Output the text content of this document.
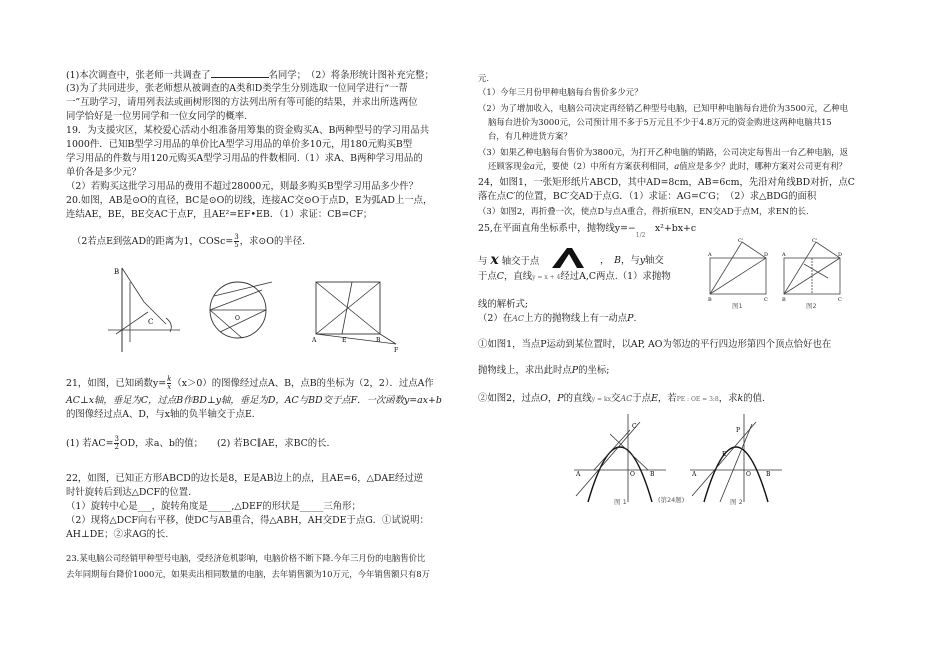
(1)本次调查中，张老师一共调查了	名同学；　（2）将条形统计图补充完整；
(3)为了共同进步，张老师想从被调查的A类和D类学生分别选取一位同学进行“一帮
一”互助学习，请用列表法或画树形图的方法列出所有等可能的结果，并求出所选两位
同学恰好是一位男同学和一位女同学的概率.
19．为支援灾区，某校爱心活动小组准备用筹集的资金购买A、B两种型号的学习用品共
1000件．已知B型学习用品的单价比A型学习用品的单价多10元，用180元购买B型
学习用品的件数与用120元购买A型学习用品的件数相同.（1）求A、B两种学习用品的
单价各是多少元？
（2）若购买这批学习用品的费用不超过28000元，则最多购买B型学习用品多少件？
20.如图，AB是⊙O的直径，BC是⊙O的切线，连接AC交⊙O于点D，E为弧AD上一点，
连结AE，BE，BE交AC于点F，且AE²=EF•EB．（1）求证：CB=CF；
（2若点E到弦AD的距离为1，COSc= $\frac{3}{5}$ ，求⊙O的半径.
B
C	O
A	E	B
F
21，如图，已知函数$y= \frac{k}{x} (x>0)$的图像经过点A、B，点B的坐标为（2，2）．过点A作
AC⊥x轴，垂足为C，过点B作BD⊥y轴，垂足为D，AC与BD交于点F．一次函数y=ax+b
的图像经过点A、D，与x轴的负半轴交于点E.
(1) 若$AC= \frac{3}{2}$ OD，求a、b的值；　　(2) 若BC∥AE，求BC的长.
22，如图，已知正方形ABCD的边长是8，E是AB边上的点，且AE=6，△DAE经过逆
时针旋转后到达△DCF的位置.
（1）旋转中心是___，旋转角度是_____,△DEF的形状是_____三角形；
（2）现将△DCF向右平移，使DC与AB重合，得△ABH，AH交DE于点G．①试说明：
AH⊥DE；②求AG的长.
23.某电脑公司经销甲种型号电脑，受经济危机影响，电脑价格不断下降.今年三月份的电脑售价比
去年同期每台降价1000元，如果卖出相同数量的电脑，去年销售额为10万元，今年销售额只有8万
元.
（1）今年三月份甲种电脑每台售价多少元？
（2）为了增加收入，电脑公司决定再经销乙种型号电脑，已知甲种电脑每台进价为3500元，乙种电
脑每台进价为3000元，公司预计用不多于5万元且不少于4.8万元的资金购进这两种电脑共15
台，有几种进货方案？
（3）如果乙种电脑每台售价为3800元，为打开乙种电脑的销路，公司决定每售出一台乙种电脑，返
还顾客现金a元，要使（2）中所有方案获利相同，a值应是多少？此时，哪种方案对公司更有利？
24，如图1，一张矩形纸片ABCD，其中AD=8cm，AB=6cm，先沿对角线BD对折，点C
落在点C′的位置，BC′交AD于点G．（1）求证：AG=C′G；　（2）求△BDG的面积
（3）如图2，再折叠一次，使点D与点A重合，得折痕EN，EN交AD于点M，求EN的长.
25,在平面直角坐标系中，抛物线$y=-_{1/2}$　x²+bx+c
C'
A	D
B	C
图1
C'
A	D
B	C
图2
与 x 轴交于点	，　 B，与y轴交
于点C，直线y = x + 4经过A,C两点.（1）求抛物
线的解析式;
（2）在AC上方的抛物线上有一动点P.
①如图1，当点P运动到某位置时，以AP, AO为邻边的平行四边形第四个顶点恰好也在
抛物线上，求出此时点P的坐标;
②如图2，过点O，P的直线y = kx交AC于点E，若PE : OE = 3:8，求k的值.
A	O	B
C
图 1	(第24题)
A	O	B
P
E
图 2
